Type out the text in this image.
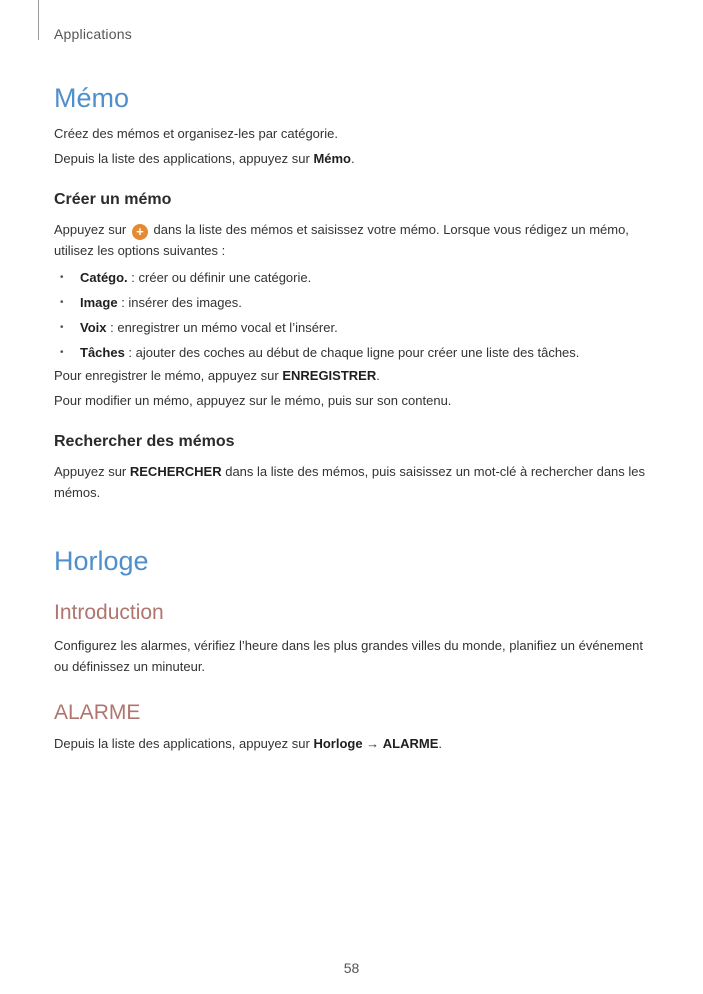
Applications
Mémo

Créez des mémos et organisez-les par catégorie.

Depuis la liste des applications, appuyez sur Mémo.

Créer un mémo

Appuyez sur + dans la liste des mémos et saisissez votre mémo. Lorsque vous rédigez un mémo, utilisez les options suivantes :

• Catégo. : créer ou définir une catégorie.
• Image : insérer des images.
• Voix : enregistrer un mémo vocal et l’insérer.
• Tâches : ajouter des coches au début de chaque ligne pour créer une liste des tâches.

Pour enregistrer le mémo, appuyez sur ENREGISTRER.

Pour modifier un mémo, appuyez sur le mémo, puis sur son contenu.

Rechercher des mémos

Appuyez sur RECHERCHER dans la liste des mémos, puis saisissez un mot-clé à rechercher dans les mémos.

Horloge
Introduction

Configurez les alarmes, vérifiez l’heure dans les plus grandes villes du monde, planifiez un événement ou définissez un minuteur.

ALARME

Depuis la liste des applications, appuyez sur Horloge → ALARME.

58
